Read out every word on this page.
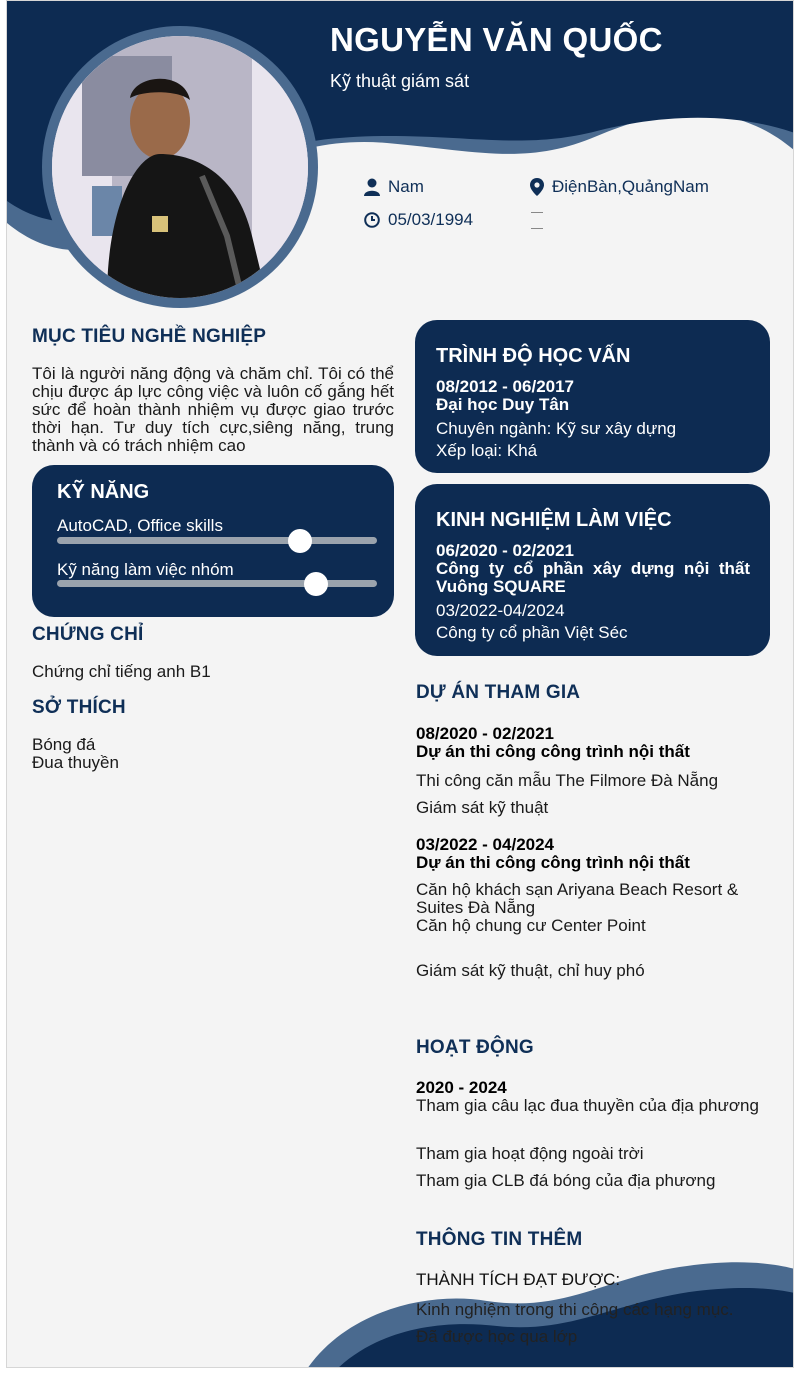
NGUYỄN VĂN QUỐC
Kỹ thuật giám sát
Nam
05/03/1994
ĐiệnBàn,QuảngNam
MỤC TIÊU NGHỀ NGHIỆP
Tôi là người năng động và chăm chỉ. Tôi có thể chịu được áp lực công việc và luôn cố gắng hết sức để hoàn thành nhiệm vụ được giao trước thời hạn. Tư duy tích cực,siêng năng, trung thành và có trách nhiệm cao
KỸ NĂNG
AutoCAD, Office skills
Kỹ năng làm việc nhóm
CHỨNG CHỈ
Chứng chỉ tiếng anh B1
SỞ THÍCH
Bóng đá
Đua thuyền
TRÌNH ĐỘ HỌC VẤN
08/2012 - 06/2017
Đại học Duy Tân
Chuyên ngành: Kỹ sư xây dựng
Xếp loại: Khá
KINH NGHIỆM LÀM VIỆC
06/2020 - 02/2021
Công ty cổ phần xây dựng nội thất Vuông SQUARE
03/2022-04/2024
Công ty cổ phần Việt Séc
DỰ ÁN THAM GIA
08/2020 - 02/2021
Dự án thi công công trình nội thất
Thi công căn mẫu The Filmore Đà Nẵng
Giám sát kỹ thuật
03/2022 - 04/2024
Dự án thi công công trình nội thất
Căn hộ khách sạn Ariyana Beach Resort & Suites Đà Nẵng
Căn hộ chung cư Center Point
Giám sát kỹ thuật, chỉ huy phó
HOẠT ĐỘNG
2020 - 2024
Tham gia câu lạc đua thuyền của địa phương
Tham gia hoạt động ngoài trời
Tham gia CLB đá bóng của địa phương
THÔNG TIN THÊM
THÀNH TÍCH ĐẠT ĐƯỢC:
Kinh nghiệm trong thi công các hạng mục.
Đã được học qua lớp
